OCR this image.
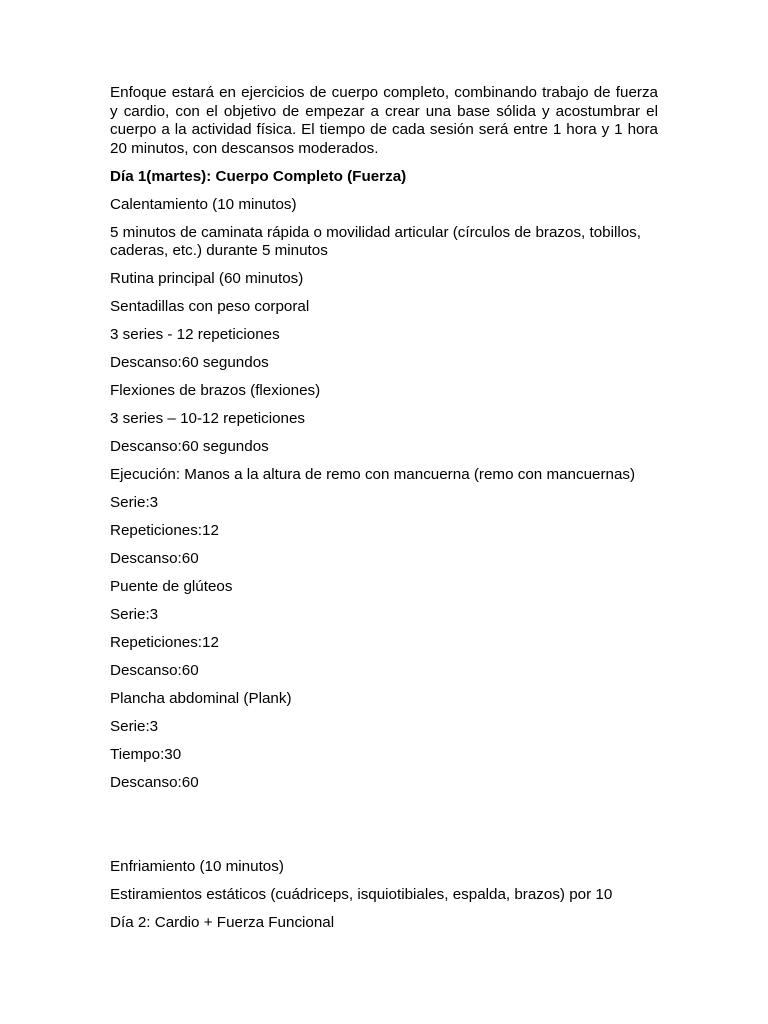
Enfoque estará en ejercicios de cuerpo completo, combinando trabajo de fuerza y cardio, con el objetivo de empezar a crear una base sólida y acostumbrar el cuerpo a la actividad física. El tiempo de cada sesión será entre 1 hora y 1 hora 20 minutos, con descansos moderados.

Día 1(martes): Cuerpo Completo (Fuerza)

Calentamiento (10 minutos)

5 minutos de caminata rápida o movilidad articular (círculos de brazos, tobillos, caderas, etc.) durante 5 minutos

Rutina principal (60 minutos)

Sentadillas con peso corporal

3 series - 12 repeticiones

Descanso:60 segundos

Flexiones de brazos (flexiones)

3 series – 10-12 repeticiones

Descanso:60 segundos

Ejecución: Manos a la altura de remo con mancuerna (remo con mancuernas)

Serie:3

Repeticiones:12

Descanso:60

Puente de glúteos

Serie:3

Repeticiones:12

Descanso:60

Plancha abdominal (Plank)

Serie:3

Tiempo:30

Descanso:60

Enfriamiento (10 minutos)

Estiramientos estáticos (cuádriceps, isquiotibiales, espalda, brazos) por 10

Día 2: Cardio + Fuerza Funcional
